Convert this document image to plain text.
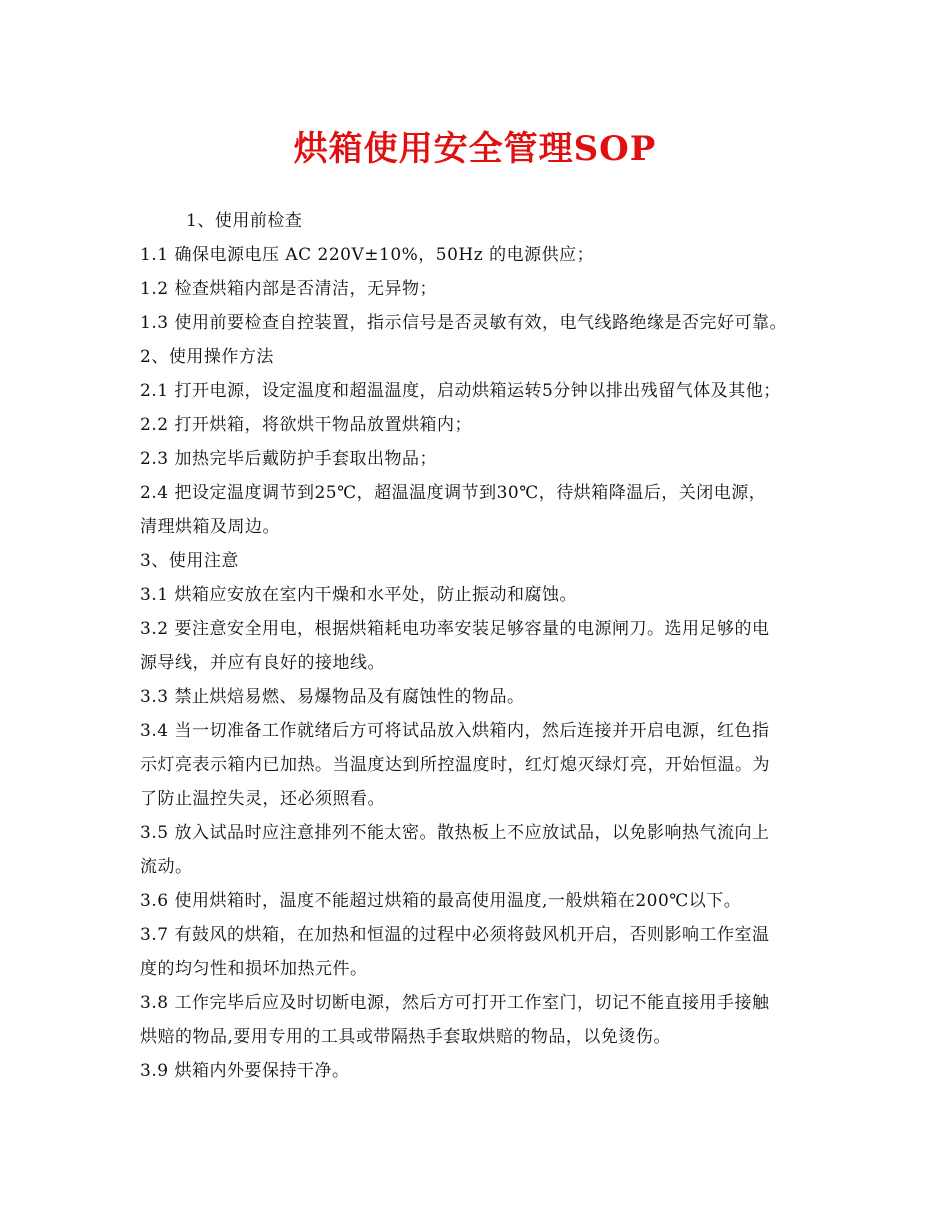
烘箱使用安全管理SOP
1、使用前检查
1.1 确保电源电压 AC 220V±10%，50Hz 的电源供应；
1.2 检查烘箱内部是否清洁，无异物；
1.3 使用前要检查自控装置，指示信号是否灵敏有效，电气线路绝缘是否完好可靠。
2、使用操作方法
2.1 打开电源，设定温度和超温温度，启动烘箱运转5分钟以排出残留气体及其他；
2.2 打开烘箱，将欲烘干物品放置烘箱内；
2.3 加热完毕后戴防护手套取出物品；
2.4 把设定温度调节到25℃，超温温度调节到30℃，待烘箱降温后，关闭电源，
清理烘箱及周边。
3、使用注意
3.1 烘箱应安放在室内干燥和水平处，防止振动和腐蚀。
3.2 要注意安全用电，根据烘箱耗电功率安装足够容量的电源闸刀。选用足够的电
源导线，并应有良好的接地线。
3.3 禁止烘焙易燃、易爆物品及有腐蚀性的物品。
3.4 当一切准备工作就绪后方可将试品放入烘箱内，然后连接并开启电源，红色指
示灯亮表示箱内已加热。当温度达到所控温度时，红灯熄灭绿灯亮，开始恒温。为
了防止温控失灵，还必须照看。
3.5 放入试品时应注意排列不能太密。散热板上不应放试品，以免影响热气流向上
流动。
3.6 使用烘箱时，温度不能超过烘箱的最高使用温度,一般烘箱在200℃以下。
3.7 有鼓风的烘箱，在加热和恒温的过程中必须将鼓风机开启，否则影响工作室温
度的均匀性和损坏加热元件。
3.8 工作完毕后应及时切断电源，然后方可打开工作室门，切记不能直接用手接触
烘赔的物品,要用专用的工具或带隔热手套取烘赔的物品，以免烫伤。
3.9 烘箱内外要保持干净。
